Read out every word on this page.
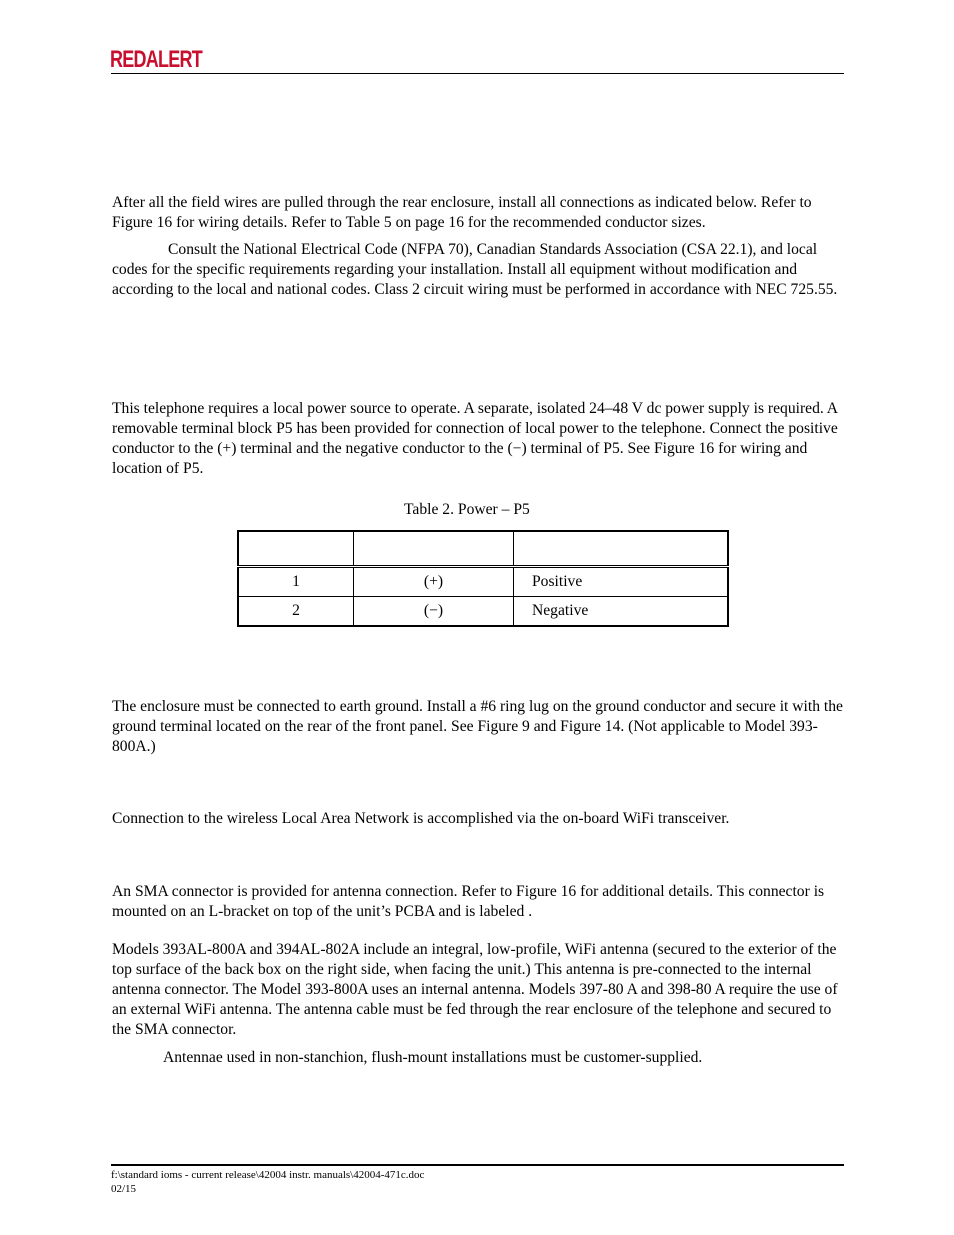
REDALERT

After all the field wires are pulled through the rear enclosure, install all connections as indicated below. Refer to Figure 16 for wiring details. Refer to Table 5 on page 16 for the recommended conductor sizes.

Consult the National Electrical Code (NFPA 70), Canadian Standards Association (CSA 22.1), and local codes for the specific requirements regarding your installation. Install all equipment without modification and according to the local and national codes. Class 2 circuit wiring must be performed in accordance with NEC 725.55.

This telephone requires a local power source to operate. A separate, isolated 24–48 V dc power supply is required. A removable terminal block P5 has been provided for connection of local power to the telephone. Connect the positive conductor to the (+) terminal and the negative conductor to the (−) terminal of P5. See Figure 16 for wiring and location of P5.

Table 2. Power – P5

1	(+)	Positive
2	(−)	Negative

The enclosure must be connected to earth ground. Install a #6 ring lug on the ground conductor and secure it with the ground terminal located on the rear of the front panel. See Figure 9 and Figure 14. (Not applicable to Model 393-800A.)

Connection to the wireless Local Area Network is accomplished via the on-board WiFi transceiver.

An SMA connector is provided for antenna connection. Refer to Figure 16 for additional details. This connector is mounted on an L-bracket on top of the unit’s PCBA and is labeled .

Models 393AL-800A and 394AL-802A include an integral, low-profile, WiFi antenna (secured to the exterior of the top surface of the back box on the right side, when facing the unit.) This antenna is pre-connected to the internal antenna connector. The Model 393-800A uses an internal antenna. Models 397-80 A and 398-80 A require the use of an external WiFi antenna. The antenna cable must be fed through the rear enclosure of the telephone and secured to the SMA connector.

Antennae used in non-stanchion, flush-mount installations must be customer-supplied.

f:\standard ioms - current release\42004 instr. manuals\42004-471c.doc
02/15
